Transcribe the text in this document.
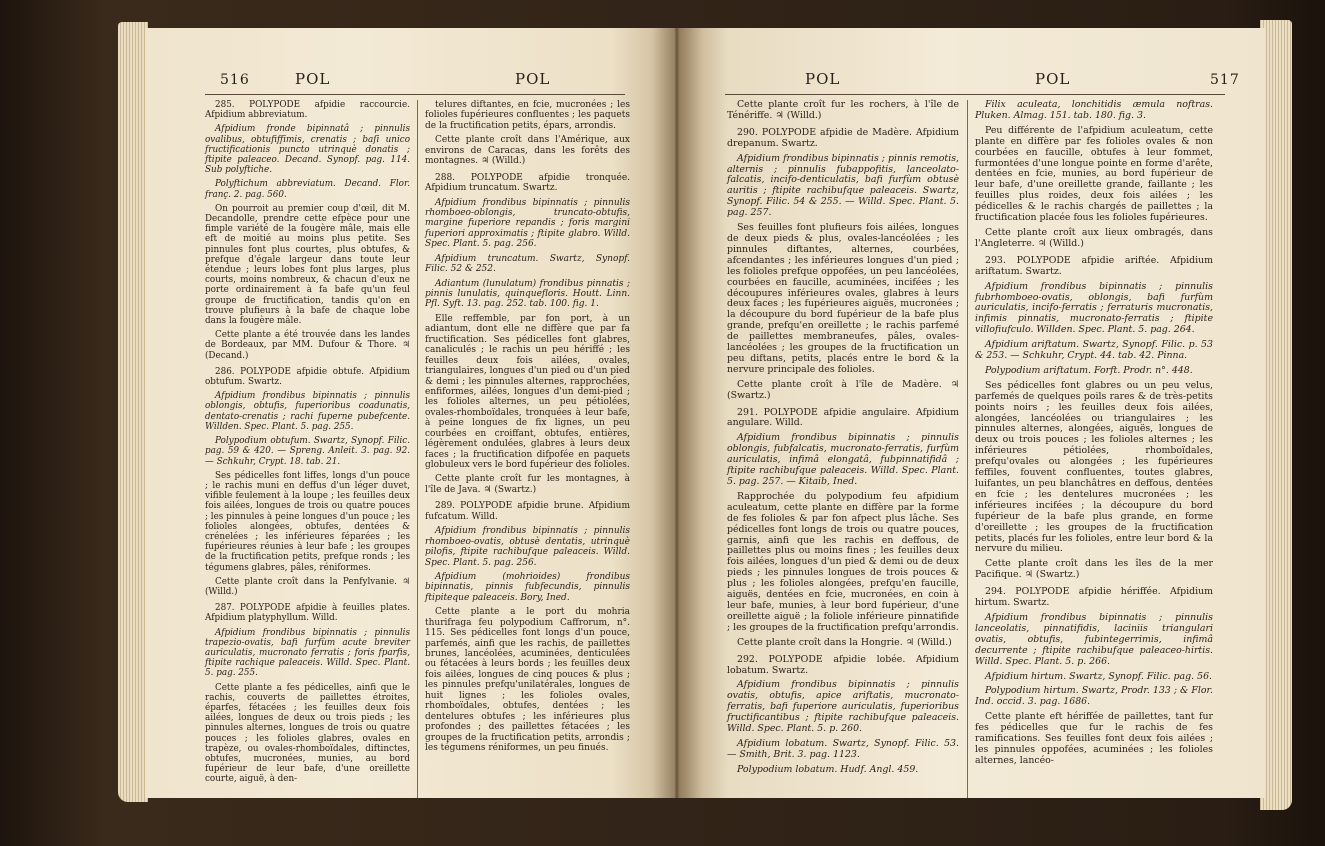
516	POL	POL

285. POLYPODE afpidie raccourcie. Afpidium abbreviatum.

Afpidium fronde bipinnatâ ; pinnulis ovalibus, obtufiffimis, crenatis ; baſi unico fructificationis puncto utrinquè donatis ; ftipite paleaceo. Decand. Synopf. pag. 114. Sub polyftiche.

Polyftichum abbreviatum. Decand. Flor. franç. 2. pag. 560.

On pourroit au premier coup d'œil, dit M. Decandolle, prendre cette efpèce pour une fimple variété de la fougère mâle, mais elle eft de moitié au moins plus petite. Ses pinnules font plus courtes, plus obtufes, & prefque d'égale largeur dans toute leur étendue ; leurs lobes font plus larges, plus courts, moins nombreux, & chacun d'eux ne porte ordinairement à fa bafe qu'un feul groupe de fructification, tandis qu'on en trouve plufieurs à la bafe de chaque lobe dans la fougère mâle.

Cette plante a été trouvée dans les landes de Bordeaux, par MM. Dufour & Thore. ♃ (Decand.)

286. POLYPODE afpidie obtufe. Afpidium obtufum. Swartz.

Afpidium frondibus bipinnatis ; pinnulis oblongis, obtufis, fuperioribus coadunatis, dentato-crenatis ; rachi fuperne pubefcente. Willden. Spec. Plant. 5. pag. 255.

Polypodium obtufum. Swartz, Synopf. Filic. pag. 59 & 420. — Spreng. Anleit. 3. pag. 92. — Schkuhr, Crypt. 18. tab. 21.

Ses pédicelles font liffes, longs d'un pouce ; le rachis muni en deffus d'un léger duvet, vifible feulement à la loupe ; les feuilles deux fois ailées, longues de trois ou quatre pouces ; les pinnules à peine longues d'un pouce ; les folioles alongées, obtufes, dentées & crénelées ; les inférieures féparées ; les fupérieures réunies à leur bafe ; les groupes de la fructification petits, prefque ronds ; les tégumens glabres, pâles, réniformes.

Cette plante croît dans la Penfylvanie. ♃ (Willd.)

287. POLYPODE afpidie à feuilles plates. Afpidium platyphyllum. Willd.

Afpidium frondibus bipinnatis ; pinnulis trapezio-ovatis, bafi furfùm acute breviter auriculatis, mucronato ferratis ; foris fparfis, ftipite rachique paleaceis. Willd. Spec. Plant. 5. pag. 255.

Cette plante a fes pédicelles, ainfi que le rachis, couverts de paillettes étroites, éparfes, fétacées ; les feuilles deux fois ailées, longues de deux ou trois pieds ; les pinnules alternes, longues de trois ou quatre pouces ; les folioles glabres, ovales en trapèze, ou ovales-rhomboïdales, diftinctes, obtufes, mucronées, munies, au bord fupérieur de leur bafe, d'une oreillette courte, aiguë, à den-

telures diftantes, en fcie, mucronées ; les folioles fupérieures confluentes ; les paquets de la fructification petits, épars, arrondis.

Cette plante croît dans l'Amérique, aux environs de Caracas, dans les forêts des montagnes. ♃ (Willd.)

288. POLYPODE afpidie tronquée. Afpidium truncatum. Swartz.

Afpidium frondibus bipinnatis ; pinnulis rhomboeo-oblongis, truncato-obtufis, margine fuperiore repandis ; foris margini fuperiori approximatis ; ftipite glabro. Willd. Spec. Plant. 5. pag. 256.

Afpidium truncatum. Swartz, Synopf. Filic. 52 & 252.

Adiantum (lunulatum) frondibus pinnatis ; pinnis lunulatis, quinquefloris. Houtt. Linn. Pfl. Syft. 13. pag. 252. tab. 100. fig. 1.

Elle reffemble, par fon port, à un adiantum, dont elle ne diffère que par fa fructification. Ses pédicelles font glabres, canaliculés ; le rachis un peu hériffé ; les feuilles deux fois ailées, ovales, triangulaires, longues d'un pied ou d'un pied & demi ; les pinnules alternes, rapprochées, enfiformes, ailées, longues d'un demi-pied ; les folioles alternes, un peu pétiolées, ovales-rhomboïdales, tronquées à leur bafe, à peine longues de fix lignes, un peu courbées en croiffant, obtufes, entières, légèrement ondulées, glabres à leurs deux faces ; la fructification difpofée en paquets globuleux vers le bord fupérieur des folioles.

Cette plante croît fur les montagnes, à l'île de Java. ♃ (Swartz.)

289. POLYPODE afpidie brune. Afpidium fufcatum. Willd.

Afpidium frondibus bipinnatis ; pinnulis rhomboeo-ovatis, obtusè dentatis, utrinquè pilofis, ftipite rachibufque paleaceis. Willd. Spec. Plant. 5. pag. 256.

Afpidium (mohrioides) frondibus bipinnatis, pinnis fubfecundis, pinnulis ftipiteque paleaceis. Bory, Ined.

Cette plante a le port du mohria thurifraga feu polypodium Caffrorum, n°. 115. Ses pédicelles font longs d'un pouce, parfemés, ainfi que les rachis, de paillettes brunes, lancéolées, acuminées, denticulées ou fétacées à leurs bords ; les feuilles deux fois ailées, longues de cinq pouces & plus ; les pinnules prefqu'unilatérales, longues de huit lignes ; les folioles ovales, rhomboïdales, obtufes, dentées ; les dentelures obtufes ; les inférieures plus profondes ; des paillettes fétacées ; les groupes de la fructification petits, arrondis ; les tégumens réniformes, un peu finués.

POL	POL	517

Cette plante croît fur les rochers, à l'île de Ténériffe. ♃ (Willd.)

290. POLYPODE afpidie de Madère. Afpidium drepanum. Swartz.

Afpidium frondibus bipinnatis ; pinnis remotis, alternis ; pinnulis fubappofitis, lanceolato-falcatis, incifo-denticulatis, bafi furfùm obtusè auritis ; ftipite rachibufque paleaceis. Swartz, Synopf. Filic. 54 & 255. — Willd. Spec. Plant. 5. pag. 257.

Ses feuilles font plufieurs fois ailées, longues de deux pieds & plus, ovales-lancéolées ; les pinnules diftantes, alternes, courbées, afcendantes ; les inférieures longues d'un pied ; les folioles prefque oppofées, un peu lancéolées, courbées en faucille, acuminées, incifées ; les découpures inférieures ovales, glabres à leurs deux faces ; les fupérieures aiguës, mucronées ; la découpure du bord fupérieur de la bafe plus grande, prefqu'en oreillette ; le rachis parfemé de paillettes membraneufes, pâles, ovales-lancéolées ; les groupes de la fructification un peu diftans, petits, placés entre le bord & la nervure principale des folioles.

Cette plante croît à l'île de Madère. ♃ (Swartz.)

291. POLYPODE afpidie angulaire. Afpidium angulare. Willd.

Afpidium frondibus bipinnatis ; pinnulis oblongis, fubfalcatis, mucronato-ferratis, furfùm auriculatis, infimâ elongatâ, fubpinnatifidâ ; ftipite rachibufque paleaceis. Willd. Spec. Plant. 5. pag. 257. — Kitaib, Ined.

Rapprochée du polypodium feu afpidium aculeatum, cette plante en diffère par la forme de fes folioles & par fon afpect plus lâche. Ses pédicelles font longs de trois ou quatre pouces, garnis, ainfi que les rachis en deffous, de paillettes plus ou moins fines ; les feuilles deux fois ailées, longues d'un pied & demi ou de deux pieds ; les pinnules longues de trois pouces & plus ; les folioles alongées, prefqu'en faucille, aiguës, dentées en fcie, mucronées, en coin à leur bafe, munies, à leur bord fupérieur, d'une oreillette aiguë ; la foliole inférieure pinnatifide ; les groupes de la fructification prefqu'arrondis.

Cette plante croît dans la Hongrie. ♃ (Willd.)

292. POLYPODE afpidie lobée. Afpidium lobatum. Swartz.

Afpidium frondibus bipinnatis ; pinnulis ovatis, obtufis, apice ariftatis, mucronato-ferratis, bafi fuperiore auriculatis, fuperioribus fructificantibus ; ftipite rachibufque paleaceis. Willd. Spec. Plant. 5. p. 260.

Afpidium lobatum. Swartz, Synopf. Filic. 53. — Smith, Brit. 3. pag. 1123.

Polypodium lobatum. Hudf. Angl. 459.

Filix aculeata, lonchitidis æmula noftras. Pluken. Almag. 151. tab. 180. fig. 3.

Peu différente de l'afpidium aculeatum, cette plante en diffère par fes folioles ovales & non courbées en faucille, obtufes à leur fommet, furmontées d'une longue pointe en forme d'arête, dentées en fcie, munies, au bord fupérieur de leur bafe, d'une oreillette grande, faillante ; les feuilles plus roides, deux fois ailées ; les pédicelles & le rachis chargés de paillettes ; la fructification placée fous les folioles fupérieures.

Cette plante croît aux lieux ombragés, dans l'Angleterre. ♃ (Willd.)

293. POLYPODE afpidie ariftée. Afpidium ariftatum. Swartz.

Afpidium frondibus bipinnatis ; pinnulis fubrhomboeo-ovatis, oblongis, bafi furfùm auriculatis, incifo-ferratis ; ferraturis mucronatis, infimis pinnatis, mucronato-ferratis ; ftipite villofiufculo. Willden. Spec. Plant. 5. pag. 264.

Afpidium ariftatum. Swartz, Synopf. Filic. p. 53 & 253. — Schkuhr, Crypt. 44. tab. 42. Pinna.

Polypodium ariftatum. Forft. Prodr. n°. 448.

Ses pédicelles font glabres ou un peu velus, parfemés de quelques poils rares & de très-petits points noirs ; les feuilles deux fois ailées, alongées, lancéolées ou triangulaires ; les pinnules alternes, alongées, aiguës, longues de deux ou trois pouces ; les folioles alternes ; les inférieures pétiolées, rhomboïdales, prefqu'ovales ou alongées ; les fupérieures feffiles, fouvent confluentes, toutes glabres, luifantes, un peu blanchâtres en deffous, dentées en fcie ; les dentelures mucronées ; les inférieures incifées ; la découpure du bord fupérieur de la bafe plus grande, en forme d'oreillette ; les groupes de la fructification petits, placés fur les folioles, entre leur bord & la nervure du milieu.

Cette plante croît dans les îles de la mer Pacifique. ♃ (Swartz.)

294. POLYPODE afpidie hériffée. Afpidium hirtum. Swartz.

Afpidium frondibus bipinnatis ; pinnulis lanceolatis, pinnatifidis, laciniis triangulari ovatis, obtufis, fubintegerrimis, infimâ decurrente ; ftipite rachibufque paleaceo-hirtis. Willd. Spec. Plant. 5. p. 266.

Afpidium hirtum. Swartz, Synopf. Filic. pag. 56.

Polypodium hirtum. Swartz, Prodr. 133 ; & Flor. Ind. occid. 3. pag. 1686.

Cette plante eft hériffée de paillettes, tant fur fes pédicelles que fur le rachis de fes ramifications. Ses feuilles font deux fois ailées ; les pinnules oppofées, acuminées ; les folioles alternes, lancéo-
